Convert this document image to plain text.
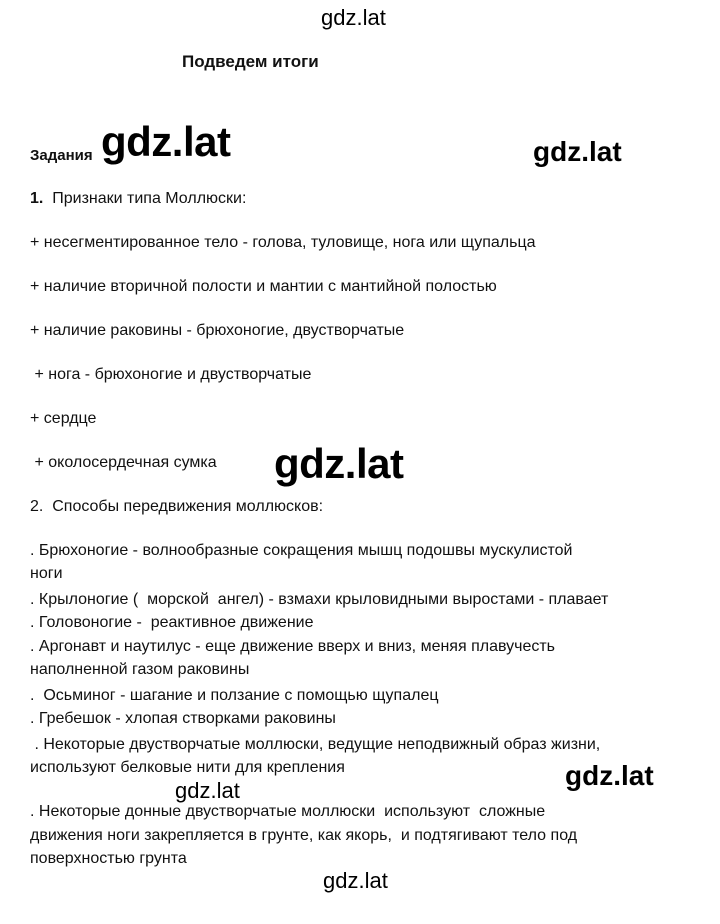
gdz.lat
gdz.lat	gdz.lat
gdz.lat
gdz.lat
gdz.lat
gdz.lat
Подведем итоги
Задания
1. Признаки типа Моллюски:
+ несегментированное тело - голова, туловище, нога или щупальца
+ наличие вторичной полости и мантии с мантийной полостью
+ наличие раковины - брюхоногие, двустворчатые
+ нога - брюхоногие и двустворчатые
+ сердце
+ околосердечная сумка
2.  Способы передвижения моллюсков:
. Брюхоногие - волнообразные сокращения мышц подошвы мускулистой
ноги
. Крылоногие (  морской  ангел) - взмахи крыловидными выростами - плавает
. Головоногие -  реактивное движение
. Аргонавт и наутилус - еще движение вверх и вниз, меняя плавучесть
наполненной газом раковины
.  Осьминог - шагание и ползание с помощью щупалец
. Гребешок - хлопая створками раковины
. Некоторые двустворчатые моллюски, ведущие неподвижный образ жизни,
используют белковые нити для крепления
. Некоторые донные двустворчатые моллюски  используют  сложные
движения ноги закрепляется в грунте, как якорь,  и подтягивают тело под
поверхностью грунта
